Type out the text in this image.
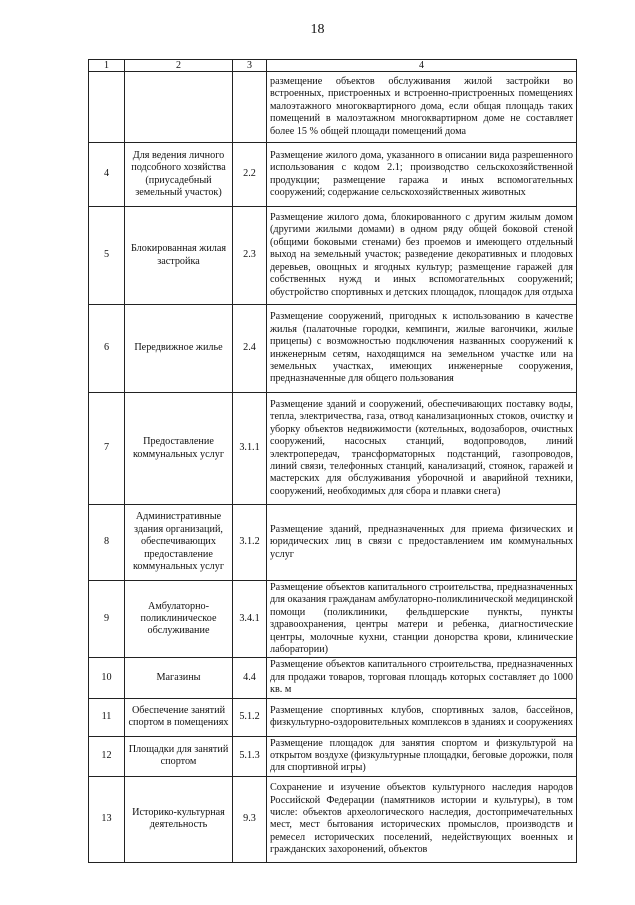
18
1	2	3	4
			размещение объектов обслуживания жилой застройки во встроенных, пристроенных и встроенно-пристроенных помещениях малоэтажного многоквартирного дома, если общая площадь таких помещений в малоэтажном многоквартирном доме не составляет более 15 % общей площади помещений дома
4	Для ведения личного подсобного хозяйства (приусадебный земельный участок)	2.2	Размещение жилого дома, указанного в описании вида разрешенного использования с кодом 2.1; производство сельскохозяйственной продукции; размещение гаража и иных вспомогательных сооружений; содержание сельскохозяйственных животных
5	Блокированная жилая застройка	2.3	Размещение жилого дома, блокированного с другим жилым домом (другими жилыми домами) в одном ряду общей боковой стеной (общими боковыми стенами) без проемов и имеющего отдельный выход на земельный участок; разведение декоративных и плодовых деревьев, овощных и ягодных культур; размещение гаражей для собственных нужд и иных вспомогательных сооружений; обустройство спортивных и детских площадок, площадок для отдыха
6	Передвижное жилье	2.4	Размещение сооружений, пригодных к использованию в качестве жилья (палаточные городки, кемпинги, жилые вагончики, жилые прицепы) с возможностью подключения названных сооружений к инженерным сетям, находящимся на земельном участке или на земельных участках, имеющих инженерные сооружения, предназначенные для общего пользования
7	Предоставление коммунальных услуг	3.1.1	Размещение зданий и сооружений, обеспечивающих поставку воды, тепла, электричества, газа, отвод канализационных стоков, очистку и уборку объектов недвижимости (котельных, водозаборов, очистных сооружений, насосных станций, водопроводов, линий электропередач, трансформаторных подстанций, газопроводов, линий связи, телефонных станций, канализаций, стоянок, гаражей и мастерских для обслуживания уборочной и аварийной техники, сооружений, необходимых для сбора и плавки снега)
8	Административные здания организаций, обеспечивающих предоставление коммунальных услуг	3.1.2	Размещение зданий, предназначенных для приема физических и юридических лиц в связи с предоставлением им коммунальных услуг
9	Амбулаторно-поликлиническое обслуживание	3.4.1	Размещение объектов капитального строительства, предназначенных для оказания гражданам амбулаторно-поликлинической медицинской помощи (поликлиники, фельдшерские пункты, пункты здравоохранения, центры матери и ребенка, диагностические центры, молочные кухни, станции донорства крови, клинические лаборатории)
10	Магазины	4.4	Размещение объектов капитального строительства, предназначенных для продажи товаров, торговая площадь которых составляет до 1000 кв. м
11	Обеспечение занятий спортом в помещениях	5.1.2	Размещение спортивных клубов, спортивных залов, бассейнов, физкультурно-оздоровительных комплексов в зданиях и сооружениях
12	Площадки для занятий спортом	5.1.3	Размещение площадок для занятия спортом и физкультурой на открытом воздухе (физкультурные площадки, беговые дорожки, поля для спортивной игры)
13	Историко-культурная деятельность	9.3	Сохранение и изучение объектов культурного наследия народов Российской Федерации (памятников истории и культуры), в том числе: объектов археологического наследия, достопримечательных мест, мест бытования исторических промыслов, производств и ремесел исторических поселений, недействующих военных и гражданских захоронений, объектов
